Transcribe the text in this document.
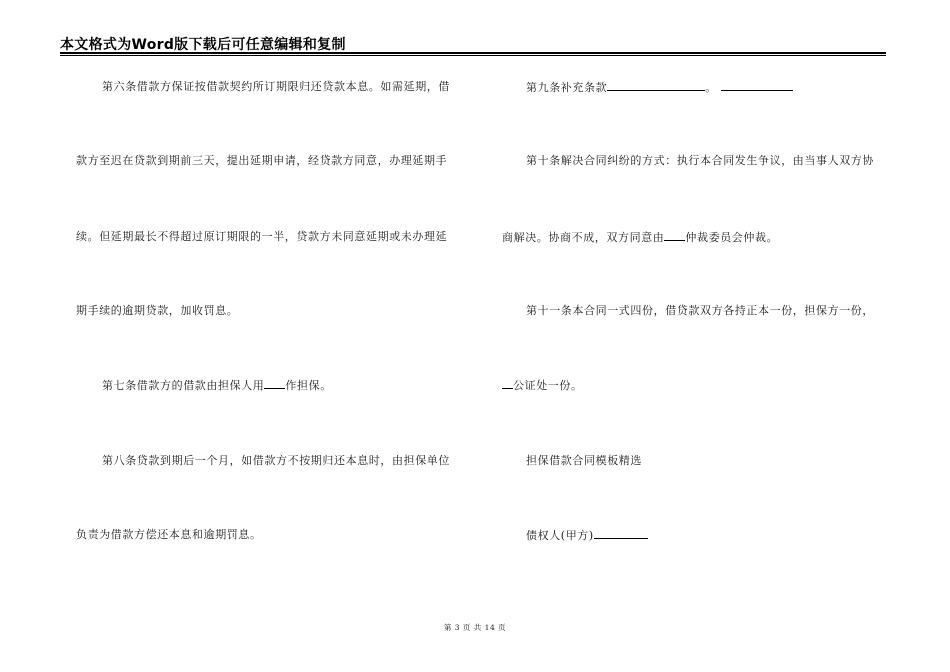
本文格式为Word版下载后可任意编辑和复制
第六条借款方保证按借款契约所订期限归还贷款本息。如需延期，借
款方至迟在贷款到期前三天，提出延期申请，经贷款方同意，办理延期手
续。但延期最长不得超过原订期限的一半，贷款方未同意延期或未办理延
期手续的逾期贷款，加收罚息。
第七条借款方的借款由担保人用 作担保。
第八条贷款到期后一个月，如借款方不按期归还本息时，由担保单位
负责为借款方偿还本息和逾期罚息。
第九条补充条款	。
第十条解决合同纠纷的方式：执行本合同发生争议，由当事人双方协
商解决。协商不成，双方同意由 仲裁委员会仲裁。
第十一条本合同一式四份，借贷款双方各持正本一份，担保方一份，
公证处一份。
担保借款合同模板精选
债权人(甲方)
第 3 页 共 14 页
